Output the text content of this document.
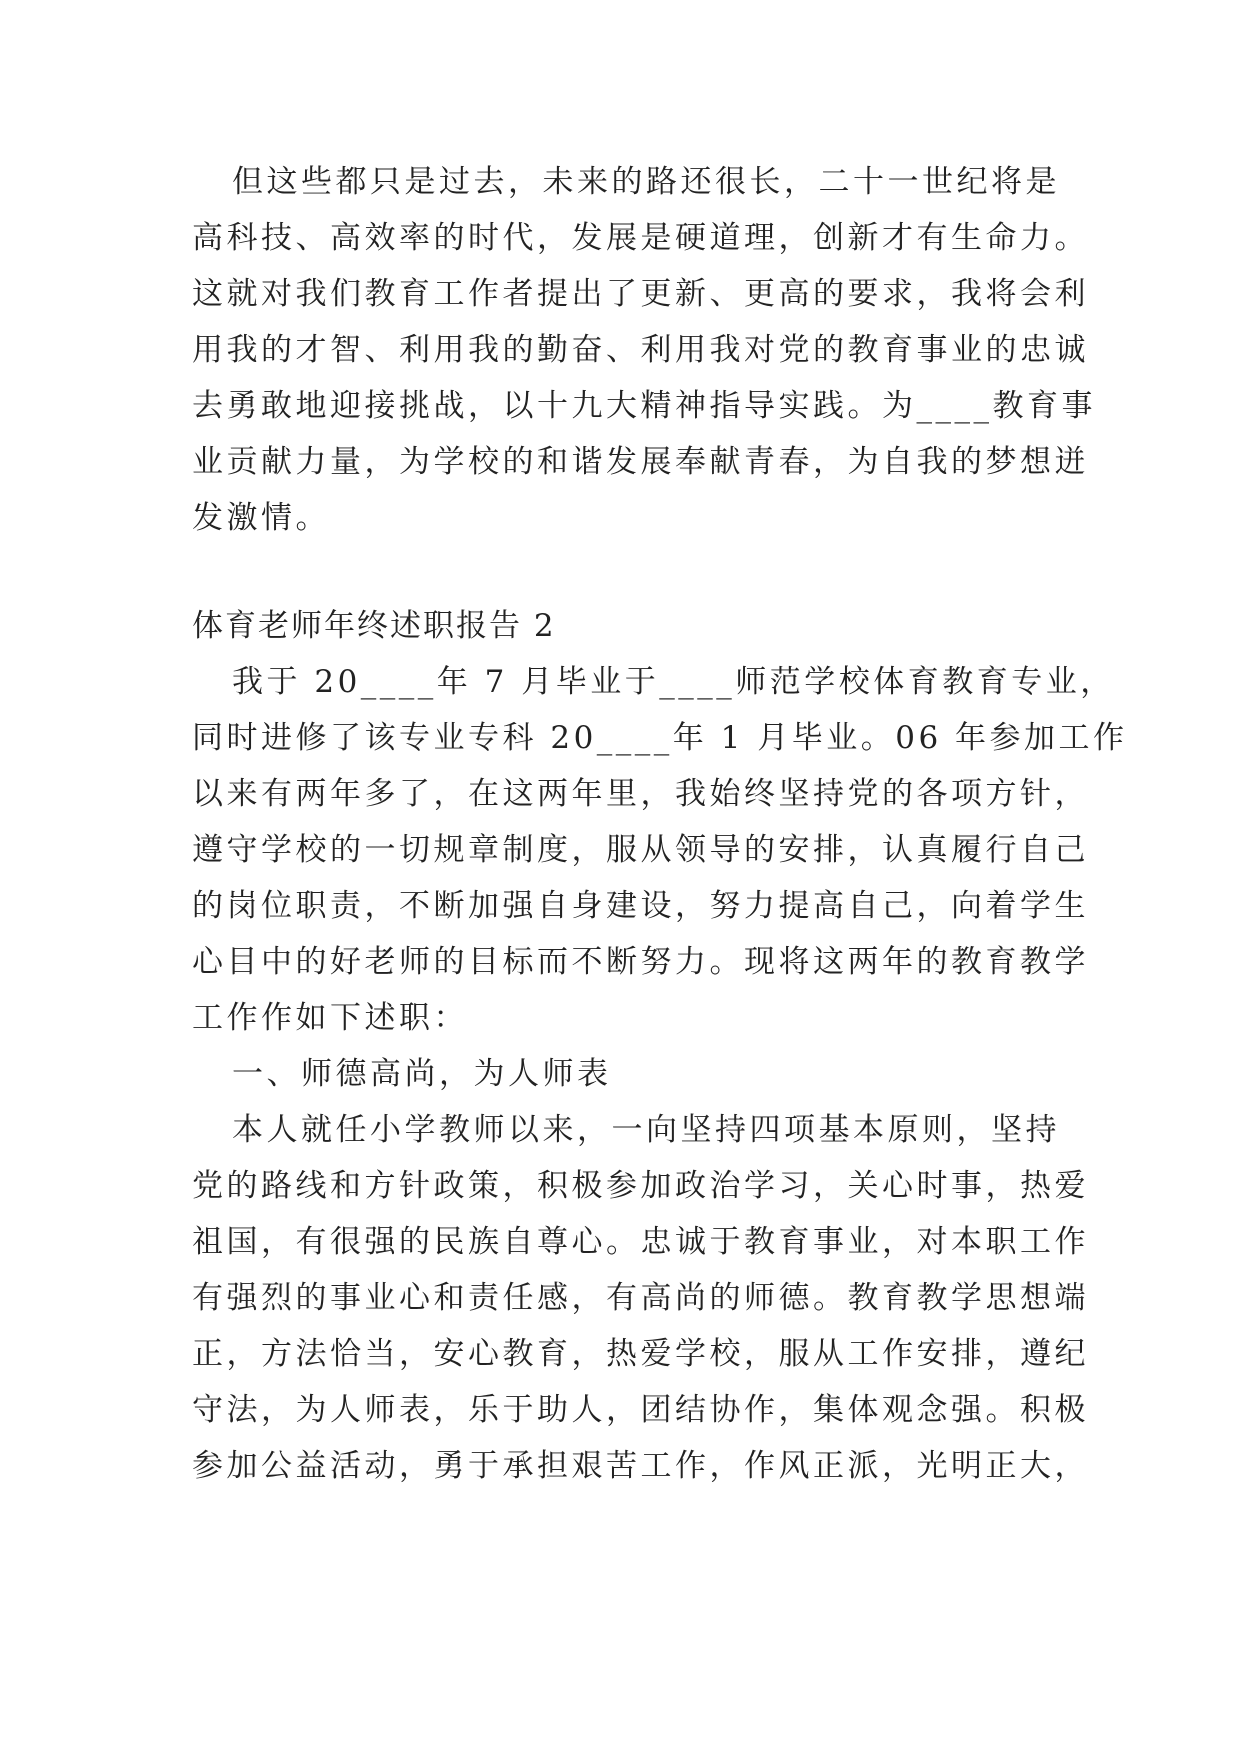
但这些都只是过去，未来的路还很长，二十一世纪将是
高科技、高效率的时代，发展是硬道理，创新才有生命力。
这就对我们教育工作者提出了更新、更高的要求，我将会利
用我的才智、利用我的勤奋、利用我对党的教育事业的忠诚
去勇敢地迎接挑战，以十九大精神指导实践。为____教育事
业贡献力量，为学校的和谐发展奉献青春，为自我的梦想迸
发激情。
体育老师年终述职报告 2
我于 20____年 7 月毕业于____师范学校体育教育专业，
同时进修了该专业专科 20____年 1 月毕业。06 年参加工作
以来有两年多了，在这两年里，我始终坚持党的各项方针，
遵守学校的一切规章制度，服从领导的安排，认真履行自己
的岗位职责，不断加强自身建设，努力提高自己，向着学生
心目中的好老师的目标而不断努力。现将这两年的教育教学
工作作如下述职：
一、师德高尚，为人师表
本人就任小学教师以来，一向坚持四项基本原则，坚持
党的路线和方针政策，积极参加政治学习，关心时事，热爱
祖国，有很强的民族自尊心。忠诚于教育事业，对本职工作
有强烈的事业心和责任感，有高尚的师德。教育教学思想端
正，方法恰当，安心教育，热爱学校，服从工作安排，遵纪
守法，为人师表，乐于助人，团结协作，集体观念强。积极
参加公益活动，勇于承担艰苦工作，作风正派，光明正大，
